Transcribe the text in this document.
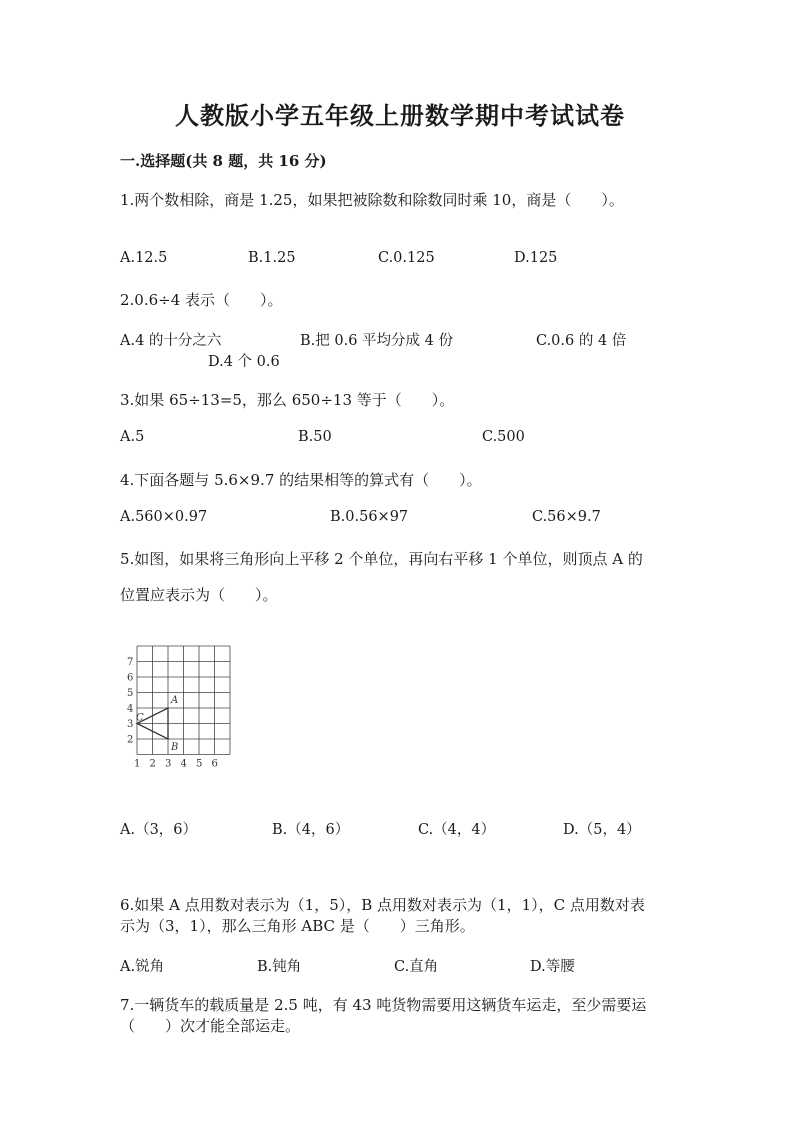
人教版小学五年级上册数学期中考试试卷
一.选择题(共 8 题，共 16 分)
1.两个数相除，商是 1.25，如果把被除数和除数同时乘 10，商是（　　）。
A.12.5	B.1.25	C.0.125	D.125
2.0.6÷4 表示（　　）。
A.4 的十分之六	B.把 0.6 平均分成 4 份	C.0.6 的 4 倍
D.4 个 0.6
3.如果 65÷13=5，那么 650÷13 等于（　　）。
A.5	B.50	C.500
4.下面各题与 5.6×9.7 的结果相等的算式有（　　）。
A.560×0.97	B.0.56×97	C.56×9.7
5.如图，如果将三角形向上平移 2 个单位，再向右平移 1 个单位，则顶点 A 的
位置应表示为（　　）。
7
6
5
4
3
2
1 2 3 4 5 6
A
B
C
A.（3，6）	B.（4，6）	C.（4，4）	D.（5，4）
6.如果 A 点用数对表示为（1，5），B 点用数对表示为（1，1），C 点用数对表
示为（3，1），那么三角形 ABC 是（　　）三角形。
A.锐角	B.钝角	C.直角	D.等腰
7.一辆货车的载质量是 2.5 吨，有 43 吨货物需要用这辆货车运走，至少需要运
（　　）次才能全部运走。
